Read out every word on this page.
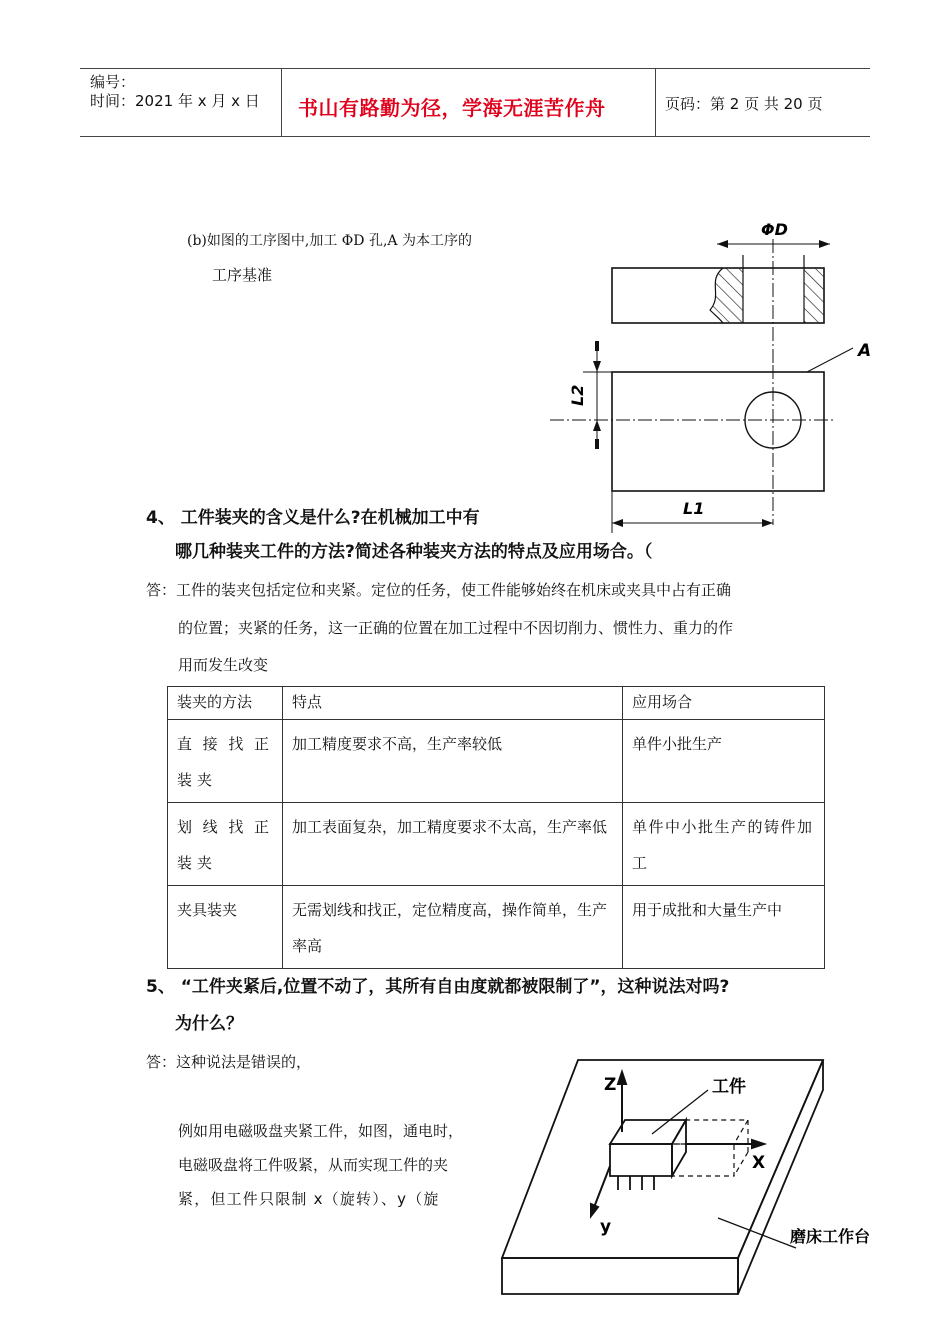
编号：
时间：2021 年 x 月 x 日 书山有路勤为径，学海无涯苦作舟	页码：第 2 页 共 20 页
(b)如图的工序图中,加工 ΦD 孔,A 为本工序的
工序基准
ΦD
A
L2
L1
4、 工件装夹的含义是什么?在机械加工中有
哪几种装夹工件的方法?简述各种装夹方法的特点及应用场合。（
答：工件的装夹包括定位和夹紧。定位的任务，使工件能够始终在机床或夹具中占有正确
的位置；夹紧的任务，这一正确的位置在加工过程中不因切削力、惯性力、重力的作
用而发生改变
装夹的方法	特点	应用场合
直接找正装夹	加工精度要求不高，生产率较低	单件小批生产
划线找正装夹	加工表面复杂，加工精度要求不太高，生产率低	单件中小批生产的铸件加工
夹具装夹	无需划线和找正，定位精度高，操作简单，生产率高	用于成批和大量生产中
5、 “工件夹紧后,位置不动了，其所有自由度就都被限制了”，这种说法对吗?
为什么？
答：这种说法是错误的，
例如用电磁吸盘夹紧工件，如图，通电时，
电磁吸盘将工件吸紧，从而实现工件的夹
紧，但工件只限制 x（旋转）、y（旋
Z
X
y
工件
磨床工作台
